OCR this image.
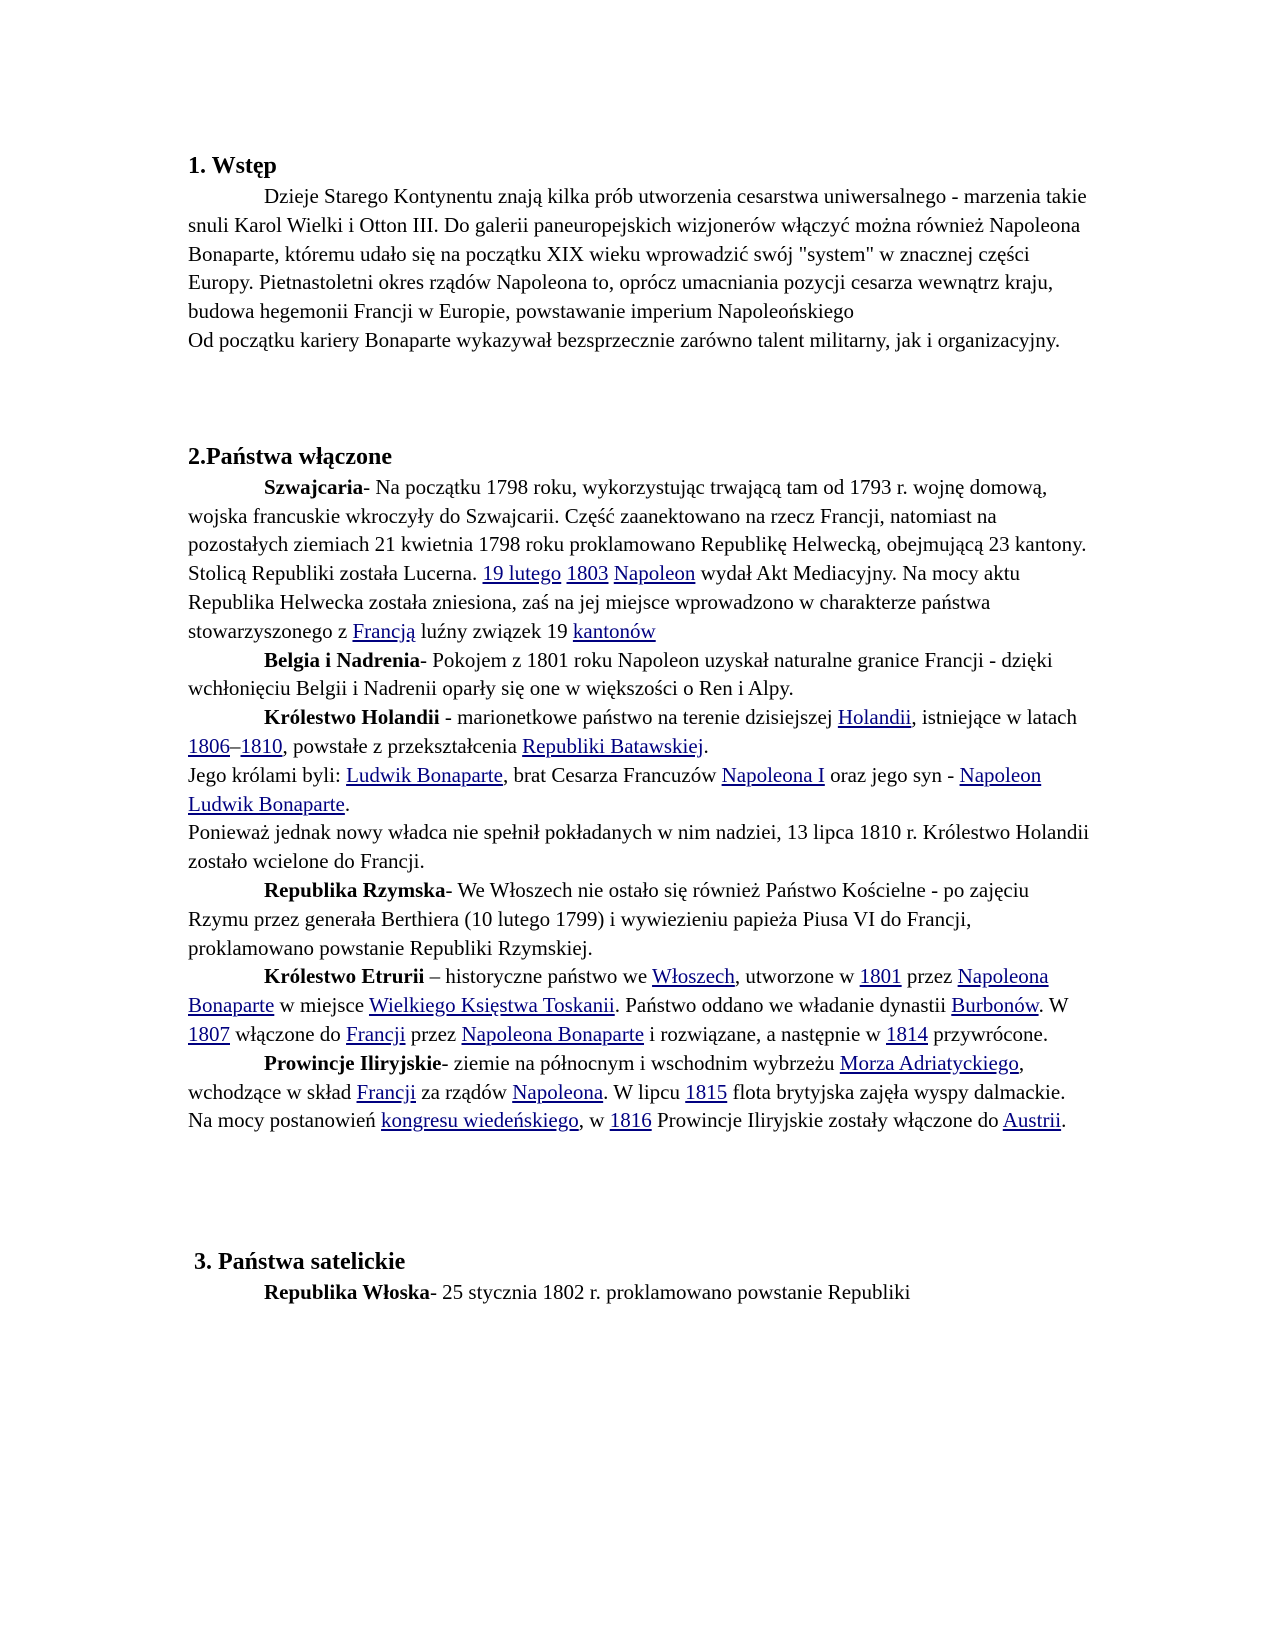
1. Wstęp

Dzieje Starego Kontynentu znają kilka prób utworzenia cesarstwa uniwersalnego - marzenia takie snuli Karol Wielki i Otton III. Do galerii paneuropejskich wizjonerów włączyć można również Napoleona Bonaparte, któremu udało się na początku XIX wieku wprowadzić swój "system" w znacznej części Europy. Pietnastoletni okres rządów Napoleona to, oprócz umacniania pozycji cesarza wewnątrz kraju, budowa hegemonii Francji w Europie, powstawanie imperium Napoleońskiego

Od początku kariery Bonaparte wykazywał bezsprzecznie zarówno talent militarny, jak i organizacyjny.

2.Państwa włączone

Szwajcaria- Na początku 1798 roku, wykorzystując trwającą tam od 1793 r. wojnę domową, wojska francuskie wkroczyły do Szwajcarii. Część zaanektowano na rzecz Francji, natomiast na pozostałych ziemiach 21 kwietnia 1798 roku proklamowano Republikę Helwecką, obejmującą 23 kantony. Stolicą Republiki została Lucerna. 19 lutego 1803 Napoleon wydał Akt Mediacyjny. Na mocy aktu Republika Helwecka została zniesiona, zaś na jej miejsce wprowadzono w charakterze państwa stowarzyszonego z Francją luźny związek 19 kantonów

Belgia i Nadrenia- Pokojem z 1801 roku Napoleon uzyskał naturalne granice Francji - dzięki wchłonięciu Belgii i Nadrenii oparły się one w większości o Ren i Alpy.

Królestwo Holandii - marionetkowe państwo na terenie dzisiejszej Holandii, istniejące w latach 1806–1810, powstałe z przekształcenia Republiki Batawskiej.

Jego królami byli: Ludwik Bonaparte, brat Cesarza Francuzów Napoleona I oraz jego syn - Napoleon Ludwik Bonaparte.

Ponieważ jednak nowy władca nie spełnił pokładanych w nim nadziei, 13 lipca 1810 r. Królestwo Holandii zostało wcielone do Francji.

Republika Rzymska- We Włoszech nie ostało się również Państwo Kościelne - po zajęciu Rzymu przez generała Berthiera (10 lutego 1799) i wywiezieniu papieża Piusa VI do Francji, proklamowano powstanie Republiki Rzymskiej.

Królestwo Etrurii – historyczne państwo we Włoszech, utworzone w 1801 przez Napoleona Bonaparte w miejsce Wielkiego Księstwa Toskanii. Państwo oddano we władanie dynastii Burbonów. W 1807 włączone do Francji przez Napoleona Bonaparte i rozwiązane, a następnie w 1814 przywrócone.

Prowincje Iliryjskie- ziemie na północnym i wschodnim wybrzeżu Morza Adriatyckiego, wchodzące w skład Francji za rządów Napoleona. W lipcu 1815 flota brytyjska zajęła wyspy dalmackie.

Na mocy postanowień kongresu wiedeńskiego, w 1816 Prowincje Iliryjskie zostały włączone do Austrii.

3. Państwa satelickie

Republika Włoska- 25 stycznia 1802 r. proklamowano powstanie Republiki
